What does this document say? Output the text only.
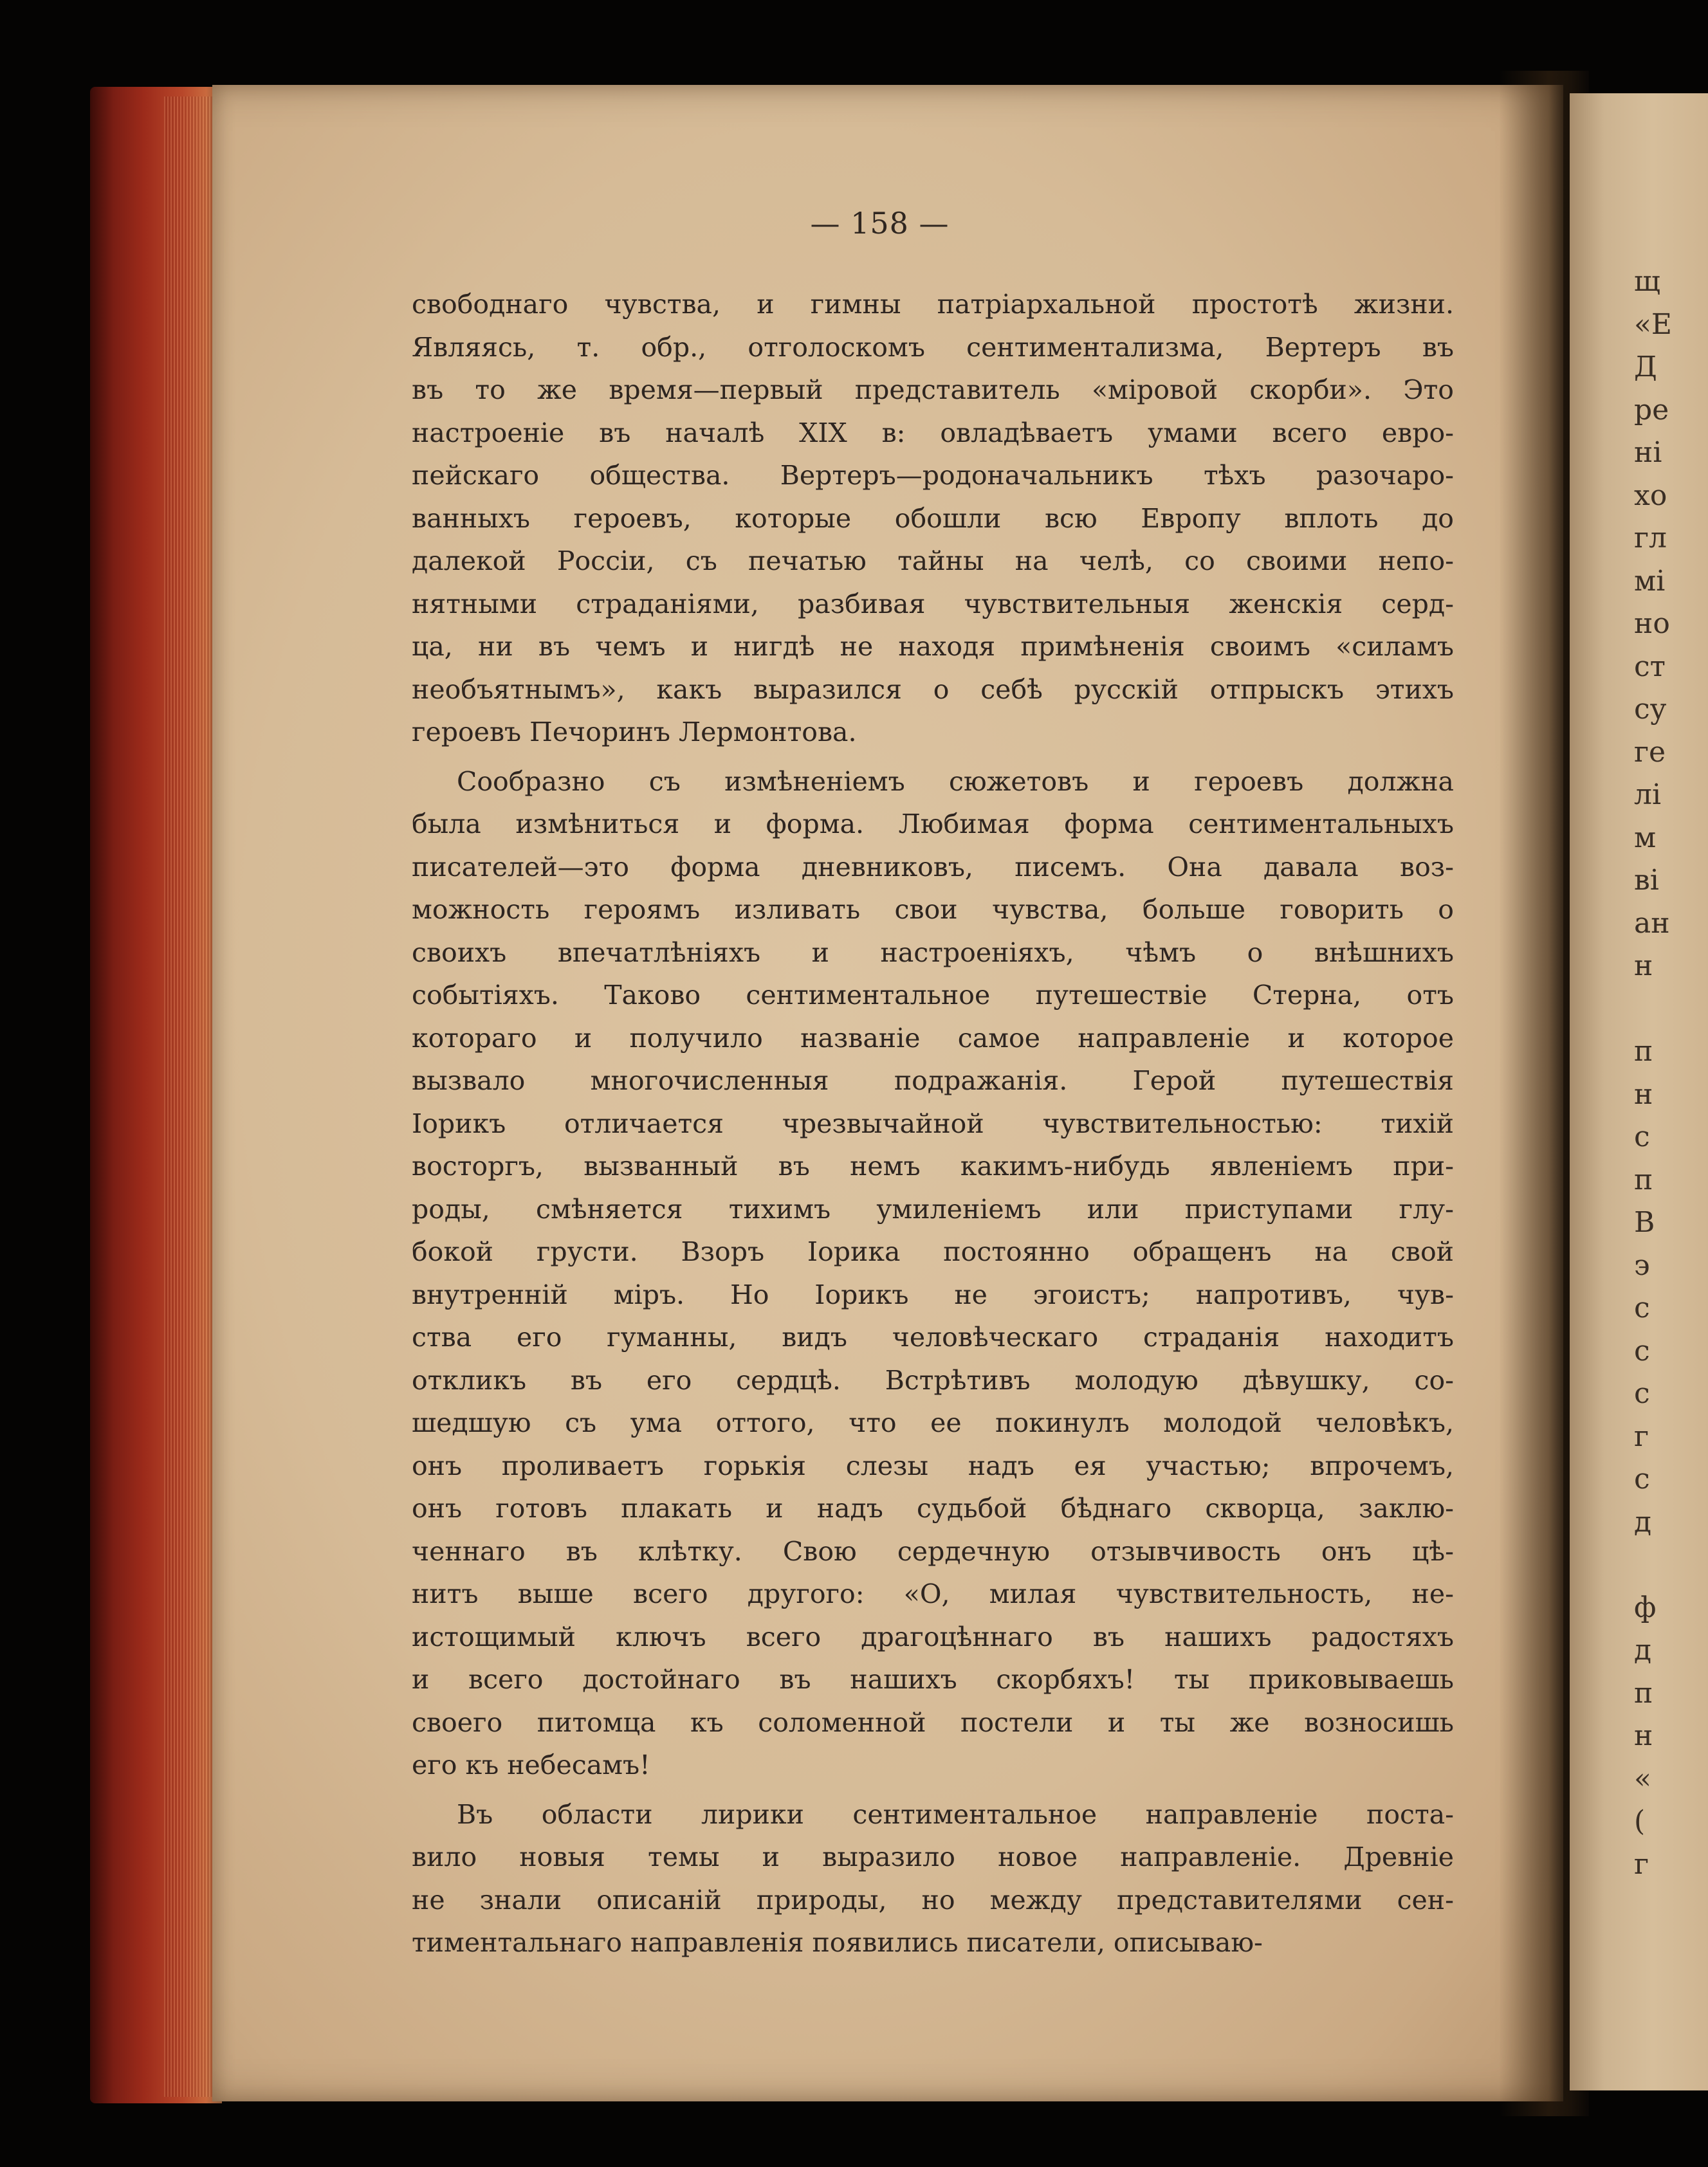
щ
«Е
Д
ре
ні
хо
гл
мі
но
ст
су
ге
лі
м
ві
ан
н
п
н
с
п
В
э
с
с
с
г
с
д
ф
д
п
н
«
(
г
— 158 —
свободнаго чувства, и гимны патріархальной простотѣ жизни.
Являясь, т. обр., отголоскомъ сентиментализма, Вертеръ въ
въ то же время—первый представитель «міровой скорби». Это
настроеніе въ началѣ XIX в: овладѣваетъ умами всего евро-
пейскаго общества. Вертеръ—родоначальникъ тѣхъ разочаро-
ванныхъ героевъ, которые обошли всю Европу вплоть до
далекой Россіи, съ печатью тайны на челѣ, со своими непо-
нятными страданіями, разбивая чувствительныя женскія серд-
ца, ни въ чемъ и нигдѣ не находя примѣненія своимъ «силамъ
необъятнымъ», какъ выразился о себѣ русскій отпрыскъ этихъ
героевъ Печоринъ Лермонтова.
Сообразно съ измѣненіемъ сюжетовъ и героевъ должна
была измѣниться и форма. Любимая форма сентиментальныхъ
писателей—это форма дневниковъ, писемъ. Она давала воз-
можность героямъ изливать свои чувства, больше говорить о
своихъ впечатлѣніяхъ и настроеніяхъ, чѣмъ о внѣшнихъ
событіяхъ. Таково сентиментальное путешествіе Стерна, отъ
котораго и получило названіе самое направленіе и которое
вызвало многочисленныя подражанія. Герой путешествія
Іорикъ отличается чрезвычайной чувствительностью: тихій
восторгъ, вызванный въ немъ какимъ-нибудь явленіемъ при-
роды, смѣняется тихимъ умиленіемъ или приступами глу-
бокой грусти. Взоръ Іорика постоянно обращенъ на свой
внутренній міръ. Но Іорикъ не эгоистъ; напротивъ, чув-
ства его гуманны, видъ человѣческаго страданія находитъ
откликъ въ его сердцѣ. Встрѣтивъ молодую дѣвушку, со-
шедшую съ ума оттого, что ее покинулъ молодой человѣкъ,
онъ проливаетъ горькія слезы надъ ея участью; впрочемъ,
онъ готовъ плакать и надъ судьбой бѣднаго скворца, заклю-
ченнаго въ клѣтку. Свою сердечную отзывчивость онъ цѣ-
нитъ выше всего другого: «О, милая чувствительность, не-
истощимый ключъ всего драгоцѣннаго въ нашихъ радостяхъ
и всего достойнаго въ нашихъ скорбяхъ! ты приковываешь
своего питомца къ соломенной постели и ты же возносишь
его къ небесамъ!
Въ области лирики сентиментальное направленіе поста-
вило новыя темы и выразило новое направленіе. Древніе
не знали описаній природы, но между представителями сен-
тиментальнаго направленія появились писатели, описываю-
